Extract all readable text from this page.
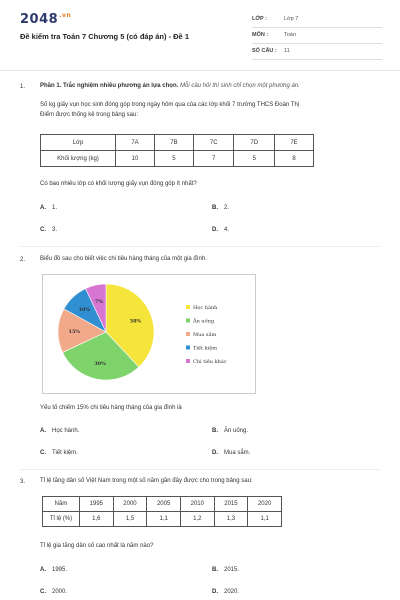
$2048^{.vn}$
Đề kiểm tra Toán 7 Chương 5 (có đáp án) - Đề 1
LỚP :	Lớp 7
MÔN :	Toán
SỐ CÂU : 11
1. Phần 1. Trắc nghiệm nhiều phương án lựa chọn. Mỗi câu hỏi thí sinh chỉ chọn một phương án.
Số kg giấy vụn học sinh đóng góp trong ngày hôm qua của các lớp khối 7 trường THCS Đoàn Thị
Điểm được thống kê trong bảng sau:
Lớp	7A	7B	7C	7D	7E
Khối lượng (kg)	10	5	7	5	8
Có bao nhiêu lớp có khối lượng giấy vụn đóng góp ít nhất?
A. 1.	B. 2.
C. 3.	D. 4.
2. Biểu đồ sau cho biết việc chi tiêu hàng tháng của một gia đình.
38%
30%
15%
10%
7%
Học hành
Ăn uống
Mua sắm
Tiết kiệm
Chi tiêu khác
Yếu tố chiếm 15% chi tiêu hàng tháng của gia đình là
A. Học hành.	B. Ăn uống.
C. Tiết kiệm.	D. Mua sắm.
3. Tỉ lệ tăng dân số Việt Nam trong một số năm gần đây được cho trong bảng sau:
Năm	1995	2000	2005	2010	2015	2020
Tỉ lệ (%)	1,6	1,5	1,1	1,2	1,3	1,1
Tỉ lệ gia tăng dân số cao nhất là năm nào?
A. 1995.	B. 2015.
C. 2000.	D. 2020.
